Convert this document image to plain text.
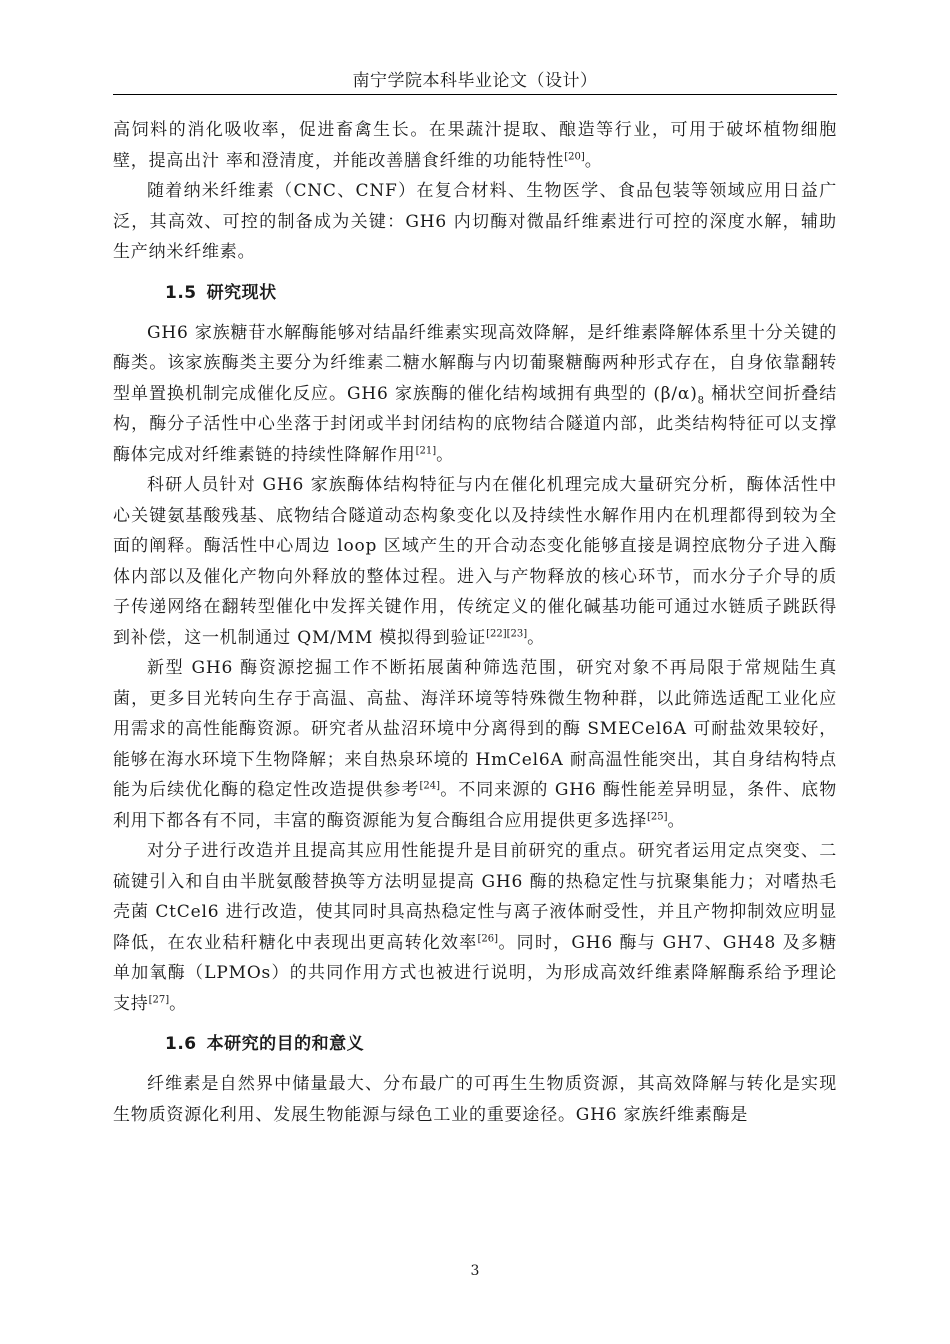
南宁学院本科毕业论文（设计）

高饲料的消化吸收率，促进畜禽生长。在果蔬汁提取、酿造等行业，可用于破坏植物细胞壁，提高出汁 率和澄清度，并能改善膳食纤维的功能特性[20]。

随着纳米纤维素（CNC、CNF）在复合材料、生物医学、食品包装等领域应用日益广泛，其高效、可控的制备成为关键：GH6 内切酶对微晶纤维素进行可控的深度水解，辅助生产纳米纤维素。

1.5 研究现状

GH6 家族糖苷水解酶能够对结晶纤维素实现高效降解，是纤维素降解体系里十分关键的酶类。该家族酶类主要分为纤维素二糖水解酶与内切葡聚糖酶两种形式存在，自身依靠翻转型单置换机制完成催化反应。GH6 家族酶的催化结构域拥有典型的 $(\beta/\alpha)_8$ 桶状空间折叠结构，酶分子活性中心坐落于封闭或半封闭结构的底物结合隧道内部，此类结构特征可以支撑酶体完成对纤维素链的持续性降解作用[21]。

科研人员针对 GH6 家族酶体结构特征与内在催化机理完成大量研究分析，酶体活性中心关键氨基酸残基、底物结合隧道动态构象变化以及持续性水解作用内在机理都得到较为全面的阐释。酶活性中心周边 loop 区域产生的开合动态变化能够直接是调控底物分子进入酶体内部以及催化产物向外释放的整体过程。进入与产物释放的核心环节，而水分子介导的质子传递网络在翻转型催化中发挥关键作用，传统定义的催化碱基功能可通过水链质子跳跃得到补偿，这一机制通过 QM/MM 模拟得到验证[22][23]。

新型 GH6 酶资源挖掘工作不断拓展菌种筛选范围，研究对象不再局限于常规陆生真菌，更多目光转向生存于高温、高盐、海洋环境等特殊微生物种群，以此筛选适配工业化应用需求的高性能酶资源。研究者从盐沼环境中分离得到的酶 SMECel6A 可耐盐效果较好，能够在海水环境下生物降解；来自热泉环境的 HmCel6A 耐高温性能突出，其自身结构特点能为后续优化酶的稳定性改造提供参考[24]。不同来源的 GH6 酶性能差异明显，条件、底物利用下都各有不同，丰富的酶资源能为复合酶组合应用提供更多选择[25]。

对分子进行改造并且提高其应用性能提升是目前研究的重点。研究者运用定点突变、二硫键引入和自由半胱氨酸替换等方法明显提高 GH6 酶的热稳定性与抗聚集能力；对嗜热毛壳菌 CtCel6 进行改造，使其同时具高热稳定性与离子液体耐受性，并且产物抑制效应明显降低，在农业秸秆糖化中表现出更高转化效率[26]。同时，GH6 酶与 GH7、GH48 及多糖单加氧酶（LPMOs）的共同作用方式也被进行说明，为形成高效纤维素降解酶系给予理论支持[27]。

1.6 本研究的目的和意义

纤维素是自然界中储量最大、分布最广的可再生生物质资源，其高效降解与转化是实现生物质资源化利用、发展生物能源与绿色工业的重要途径。GH6 家族纤维素酶是

3
